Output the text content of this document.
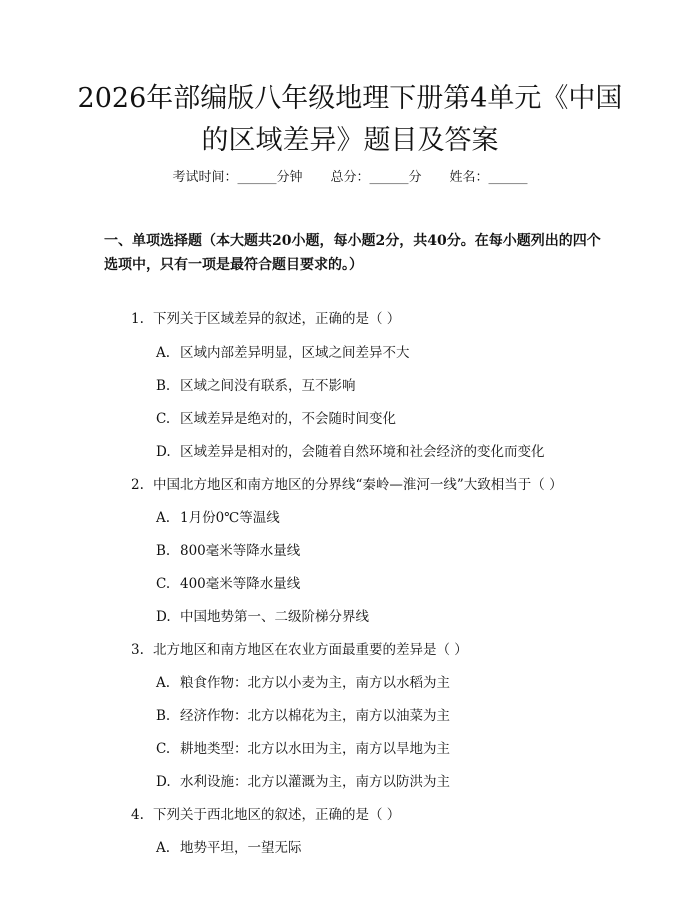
2026年部编版八年级地理下册第4单元《中国的区域差异》题目及答案
考试时间：______分钟 总分：______分 姓名：______
一、单项选择题（本大题共20小题，每小题2分，共40分。在每小题列出的四个选项中，只有一项是最符合题目要求的。）
1. 下列关于区域差异的叙述，正确的是（ ）
A. 区域内部差异明显，区域之间差异不大
B. 区域之间没有联系，互不影响
C. 区域差异是绝对的，不会随时间变化
D. 区域差异是相对的，会随着自然环境和社会经济的变化而变化
2. 中国北方地区和南方地区的分界线“秦岭—淮河一线”大致相当于（ ）
A. 1月份0℃等温线
B. 800毫米等降水量线
C. 400毫米等降水量线
D. 中国地势第一、二级阶梯分界线
3. 北方地区和南方地区在农业方面最重要的差异是（ ）
A. 粮食作物：北方以小麦为主，南方以水稻为主
B. 经济作物：北方以棉花为主，南方以油菜为主
C. 耕地类型：北方以水田为主，南方以旱地为主
D. 水利设施：北方以灌溉为主，南方以防洪为主
4. 下列关于西北地区的叙述，正确的是（ ）
A. 地势平坦，一望无际
